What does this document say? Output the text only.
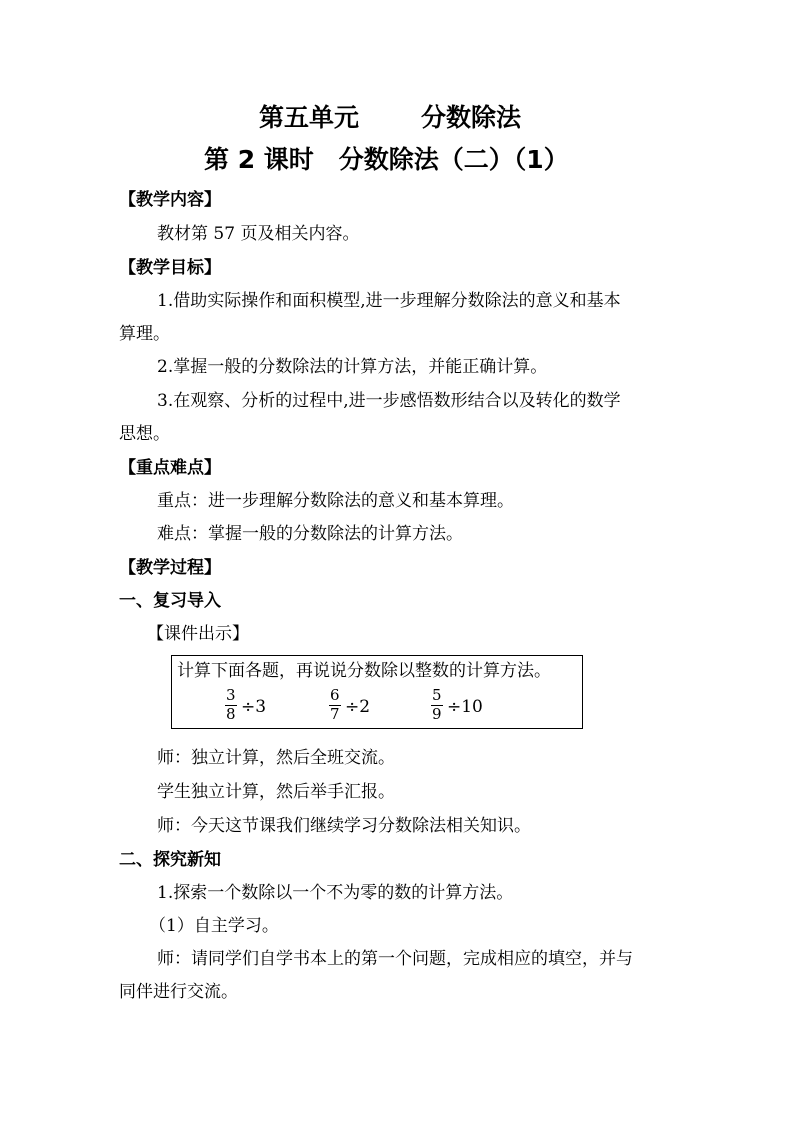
第五单元 分数除法
第 2 课时　分数除法（二）（1）
【教学内容】
教材第 57 页及相关内容。
【教学目标】
1.借助实际操作和面积模型,进一步理解分数除法的意义和基本
算理。
2.掌握一般的分数除法的计算方法，并能正确计算。
3.在观察、分析的过程中,进一步感悟数形结合以及转化的数学
思想。
【重点难点】
重点：进一步理解分数除法的意义和基本算理。
难点：掌握一般的分数除法的计算方法。
【教学过程】
一、复习导入
【课件出示】
计算下面各题，再说说分数除以整数的计算方法。
3
8 ÷3
6
7 ÷2
5
9 ÷10
师：独立计算，然后全班交流。
学生独立计算，然后举手汇报。
师：今天这节课我们继续学习分数除法相关知识。
二、探究新知
1.探索一个数除以一个不为零的数的计算方法。
（1）自主学习。
师：请同学们自学书本上的第一个问题，完成相应的填空，并与
同伴进行交流。
